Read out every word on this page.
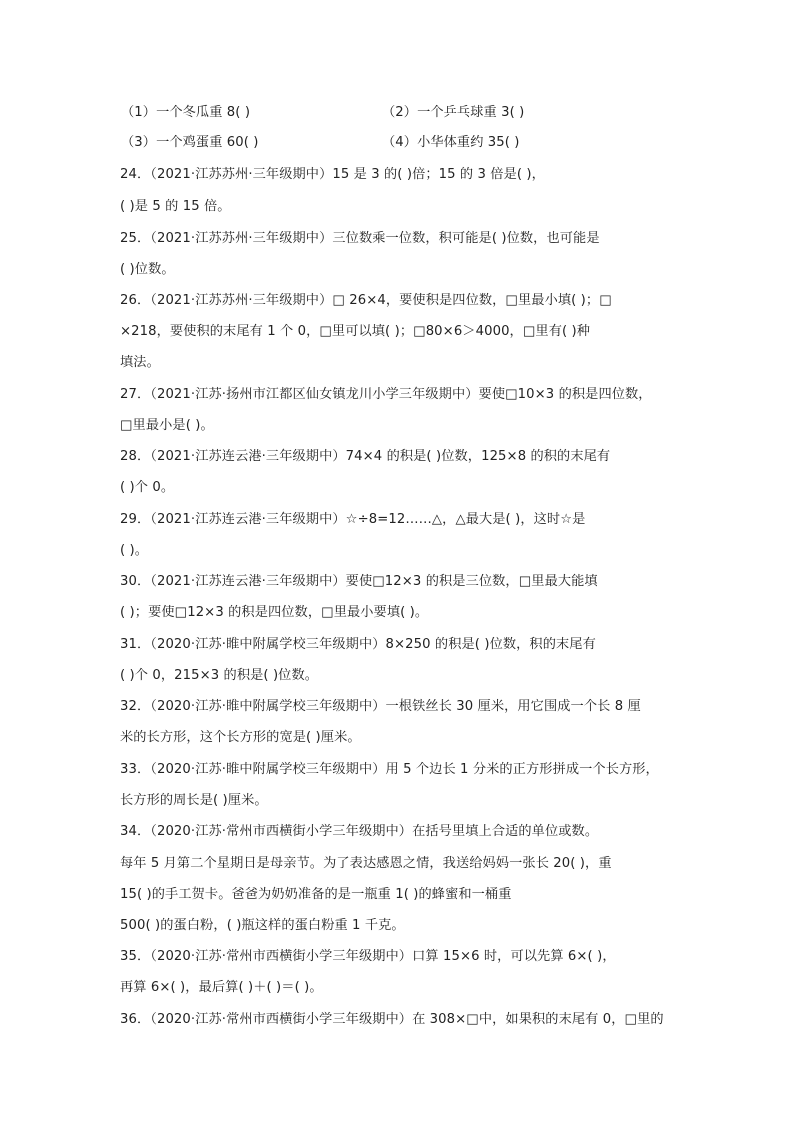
（1）一个冬瓜重 8( )	（2）一个乒乓球重 3( )
（3）一个鸡蛋重 60( )	（4）小华体重约 35( )
24．（2021·江苏苏州·三年级期中）15 是 3 的( )倍；15 的 3 倍是( )，
( )是 5 的 15 倍。
25．（2021·江苏苏州·三年级期中）三位数乘一位数，积可能是( )位数，也可能是
( )位数。
26．（2021·江苏苏州·三年级期中）□ 26×4，要使积是四位数，□里最小填( )；□
×218，要使积的末尾有 1 个 0，□里可以填( )；□80×6＞4000，□里有( )种
填法。
27．（2021·江苏·扬州市江都区仙女镇龙川小学三年级期中）要使□10×3 的积是四位数，
□里最小是( )。
28．（2021·江苏连云港·三年级期中）74×4 的积是( )位数，125×8 的积的末尾有
( )个 0。
29．（2021·江苏连云港·三年级期中）☆÷8=12……△，△最大是( )，这时☆是
( )。
30．（2021·江苏连云港·三年级期中）要使□12×3 的积是三位数，□里最大能填
( )；要使□12×3 的积是四位数，□里最小要填( )。
31．（2020·江苏·睢中附属学校三年级期中）8×250 的积是( )位数，积的末尾有
( )个 0，215×3 的积是( )位数。
32．（2020·江苏·睢中附属学校三年级期中）一根铁丝长 30 厘米，用它围成一个长 8 厘
米的长方形，这个长方形的宽是( )厘米。
33．（2020·江苏·睢中附属学校三年级期中）用 5 个边长 1 分米的正方形拼成一个长方形，
长方形的周长是( )厘米。
34．（2020·江苏·常州市西横街小学三年级期中）在括号里填上合适的单位或数。
每年 5 月第二个星期日是母亲节。为了表达感恩之情，我送给妈妈一张长 20( )，重
15( )的手工贺卡。爸爸为奶奶准备的是一瓶重 1( )的蜂蜜和一桶重
500( )的蛋白粉，( )瓶这样的蛋白粉重 1 千克。
35．（2020·江苏·常州市西横街小学三年级期中）口算 15×6 时，可以先算 6×( )，
再算 6×( )，最后算( )＋( )＝( )。
36．（2020·江苏·常州市西横街小学三年级期中）在 308×□中，如果积的末尾有 0，□里的
